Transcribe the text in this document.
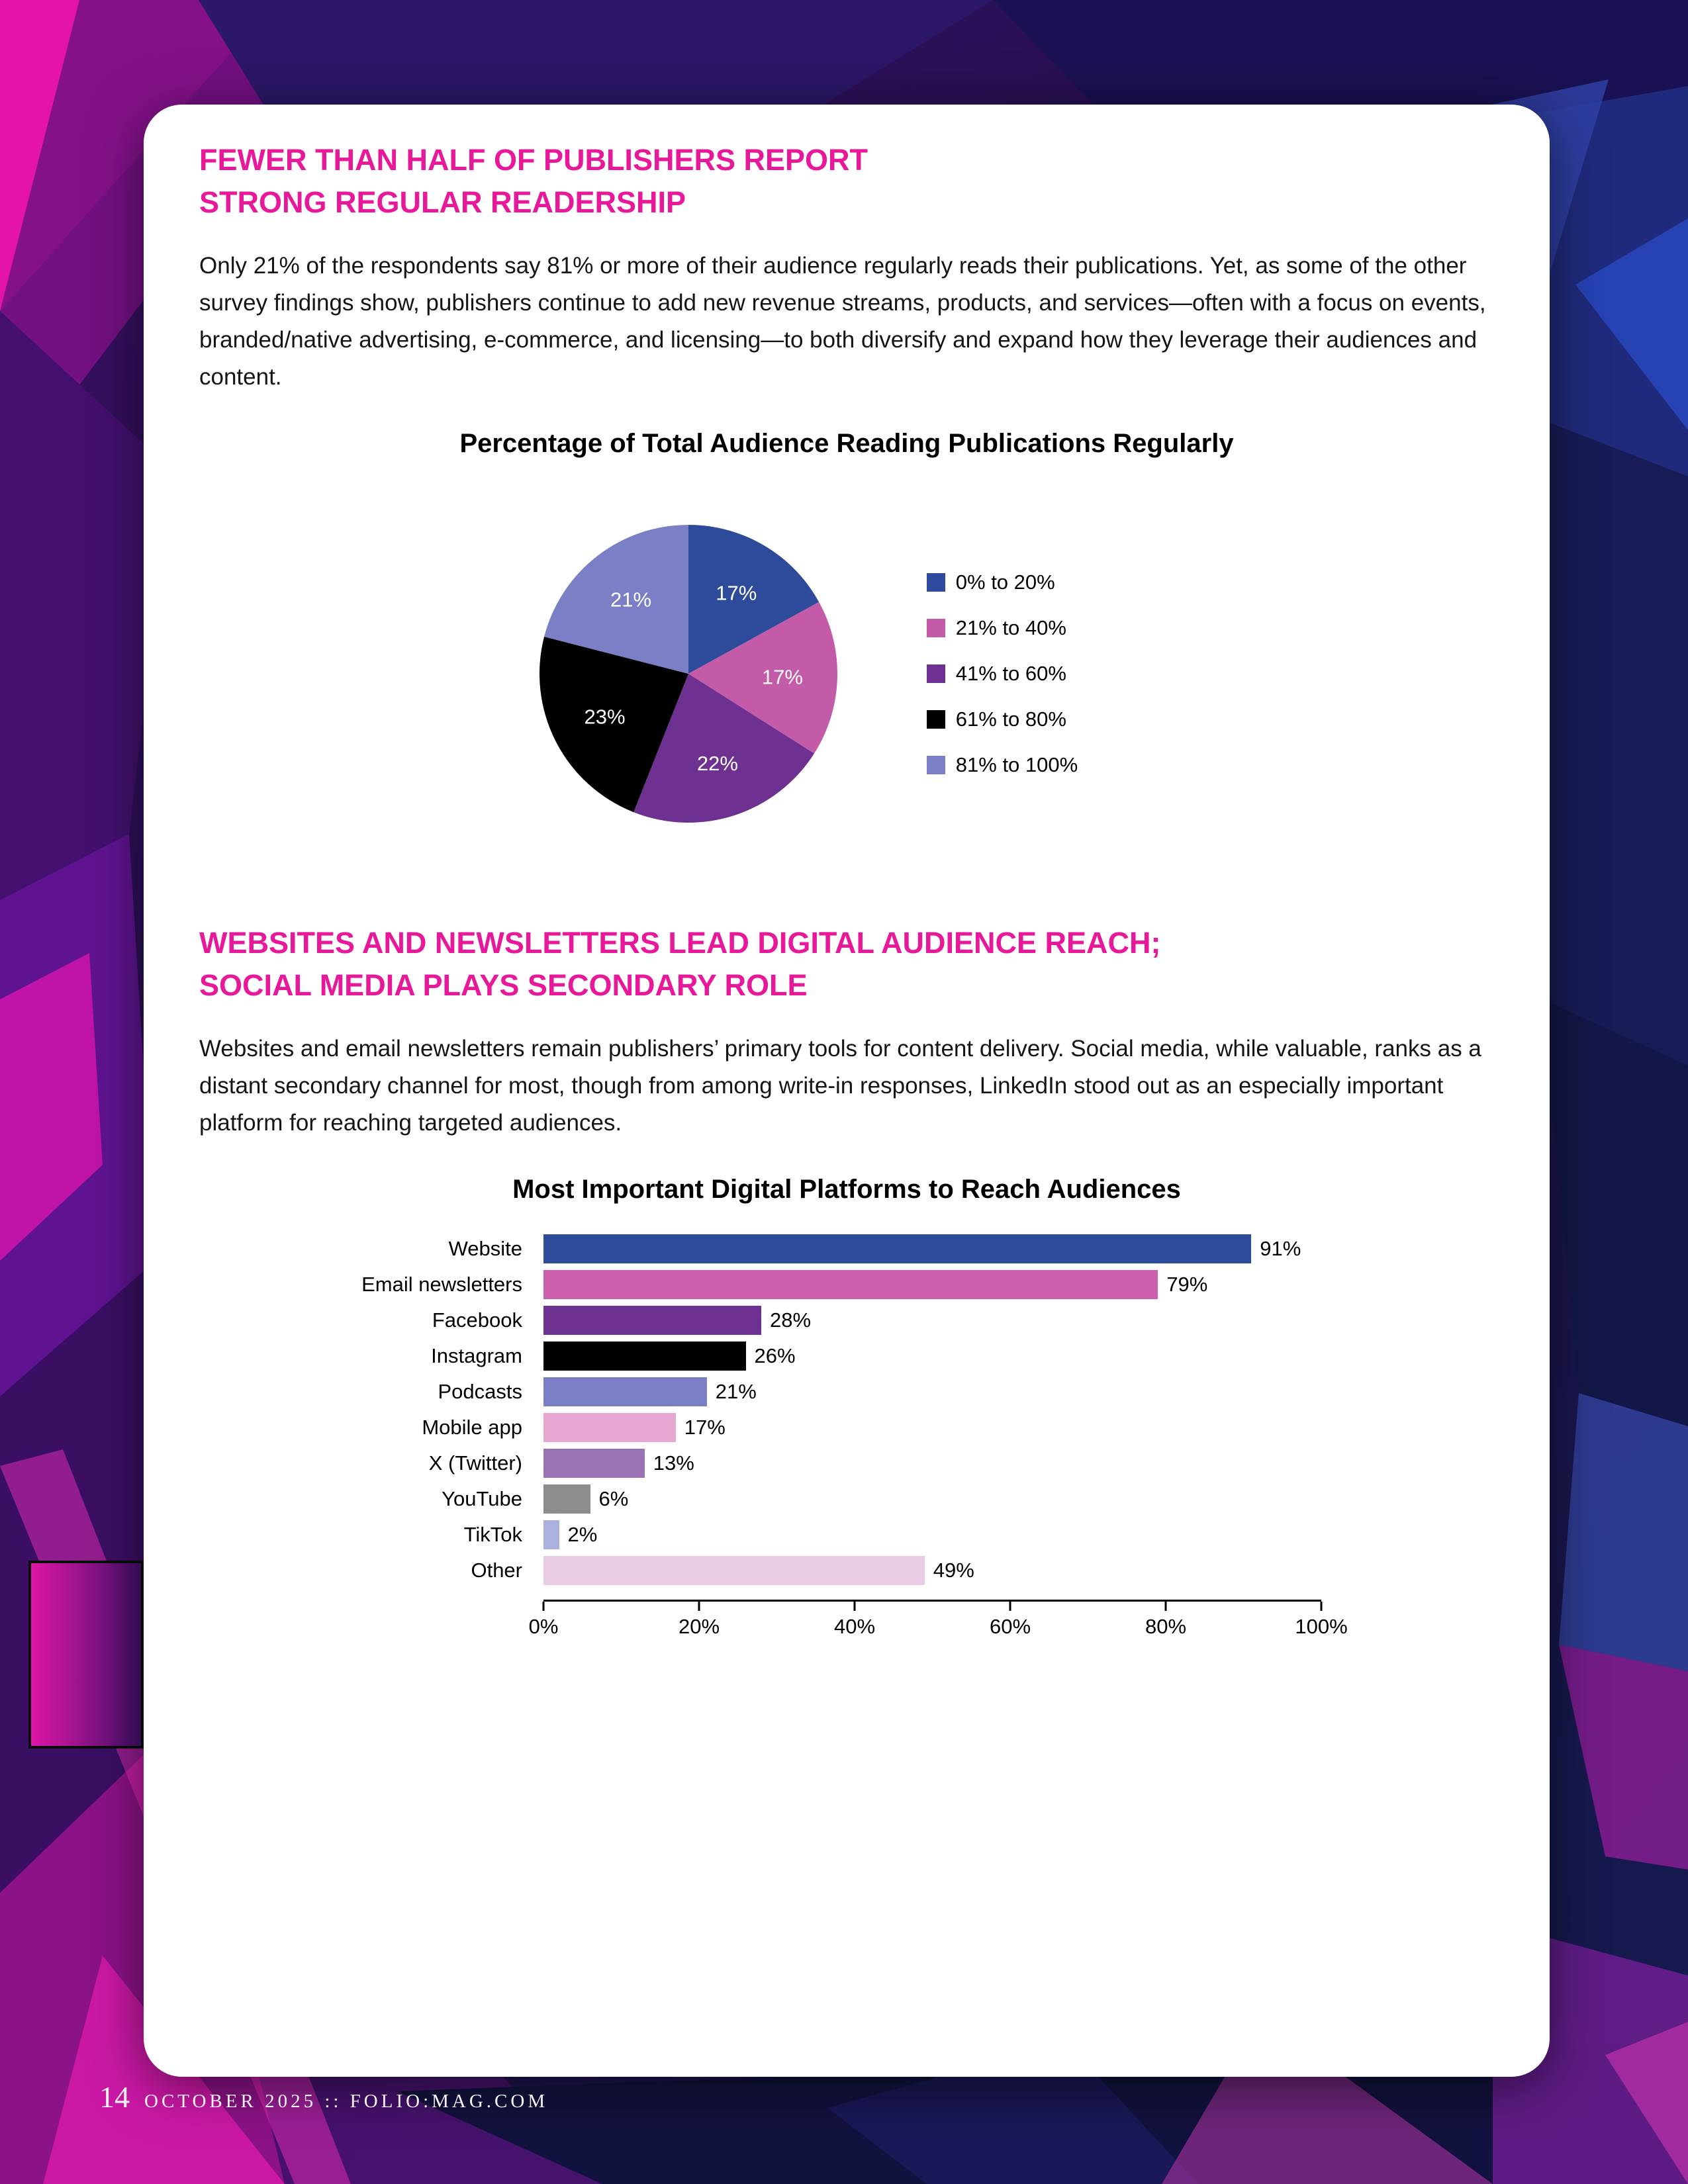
FEWER THAN HALF OF PUBLISHERS REPORT
STRONG REGULAR READERSHIP

Only 21% of the respondents say 81% or more of their audience regularly reads their publications. Yet, as some of the other survey findings show, publishers continue to add new revenue streams, products, and services—often with a focus on events, branded/native advertising, e-commerce, and licensing—to both diversify and expand how they leverage their audiences and content.

Percentage of Total Audience Reading Publications Regularly
17%
17%
22%
23%
21%
0% to 20%
21% to 40%
41% to 60%
61% to 80%
81% to 100%
WEBSITES AND NEWSLETTERS LEAD DIGITAL AUDIENCE REACH;
SOCIAL MEDIA PLAYS SECONDARY ROLE

Websites and email newsletters remain publishers’ primary tools for content delivery. Social media, while valuable, ranks as a distant secondary channel for most, though from among write-in responses, LinkedIn stood out as an especially important platform for reaching targeted audiences.

Most Important Digital Platforms to Reach Audiences
Website	91%
Email newsletters	79%
Facebook	28%
Instagram	26%
Podcasts	21%
Mobile app	17%
X (Twitter)	13%
YouTube	6%
TikTok	2%
Other	49%
0%	20%	40%	60%	80%	100%
14 OCTOBER 2025 :: FOLIO:MAG.COM
